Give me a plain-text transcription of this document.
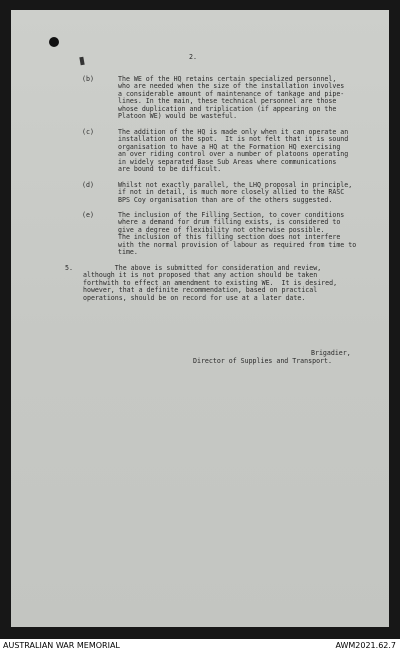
2.
(b)	The WE of the HQ retains certain specialized personnel,
who are needed when the size of the installation involves
a considerable amount of maintenance of tankage and pipe-
lines. In the main, these technical personnel are those
whose duplication and triplication (if appearing on the
Platoon WE) would be wasteful.
(c)	The addition of the HQ is made only when it can operate an
installation on the spot.  It is not felt that it is sound
organisation to have a HQ at the Formation HQ exercising
an over riding control over a number of platoons operating
in widely separated Base Sub Areas where communications
are bound to be difficult.
(d)	Whilst not exactly parallel, the LHQ proposal in principle,
if not in detail, is much more closely allied to the RASC
BPS Coy organisation than are of the others suggested.
(e)	The inclusion of the Filling Section, to cover conditions
where a demand for drum filling exists, is considered to
give a degree of flexibility not otherwise possible.
The inclusion of this filling section does not interfere
with the normal provision of labour as required from time to
time.
5. The above is submitted for consideration and review,
although it is not proposed that any action should be taken
forthwith to effect an amendment to existing WE.  It is desired,
however, that a definite recommendation, based on practical
operations, should be on record for use at a later date.
Brigadier,
Director of Supplies and Transport.
AUSTRALIAN WAR MEMORIAL	AWM2021.62.7
